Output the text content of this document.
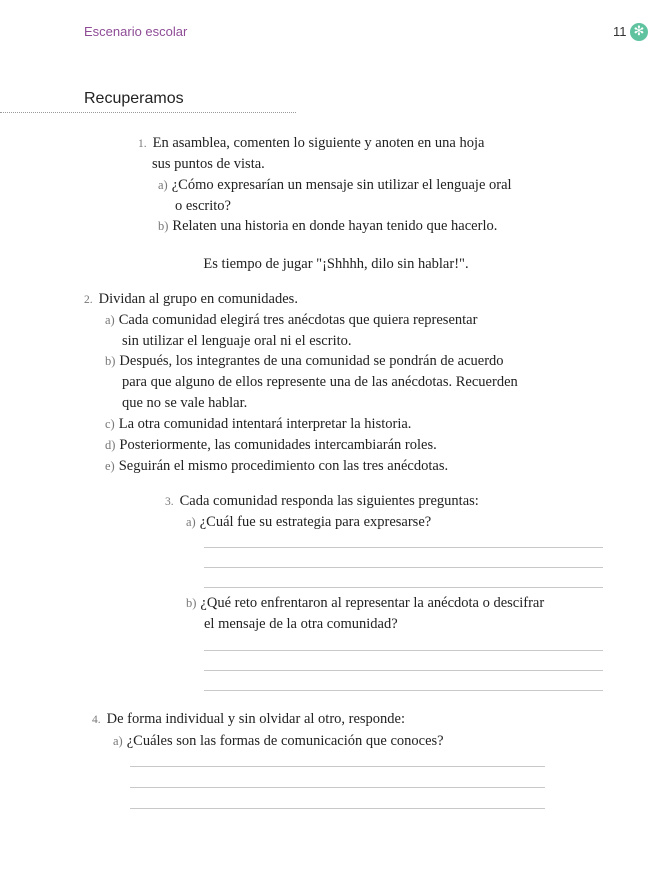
Escenario escolar	11 ✻
Recuperamos
1. En asamblea, comenten lo siguiente y anoten en una hoja
sus puntos de vista.
a) ¿Cómo expresarían un mensaje sin utilizar el lenguaje oral
o escrito?
b) Relaten una historia en donde hayan tenido que hacerlo.
Es tiempo de jugar "¡Shhhh, dilo sin hablar!".
2. Dividan al grupo en comunidades.
a) Cada comunidad elegirá tres anécdotas que quiera representar
sin utilizar el lenguaje oral ni el escrito.
b) Después, los integrantes de una comunidad se pondrán de acuerdo
para que alguno de ellos represente una de las anécdotas. Recuerden
que no se vale hablar.
c) La otra comunidad intentará interpretar la historia.
d) Posteriormente, las comunidades intercambiarán roles.
e) Seguirán el mismo procedimiento con las tres anécdotas.
3. Cada comunidad responda las siguientes preguntas:
a) ¿Cuál fue su estrategia para expresarse?
b) ¿Qué reto enfrentaron al representar la anécdota o descifrar
el mensaje de la otra comunidad?
4. De forma individual y sin olvidar al otro, responde:
a) ¿Cuáles son las formas de comunicación que conoces?
